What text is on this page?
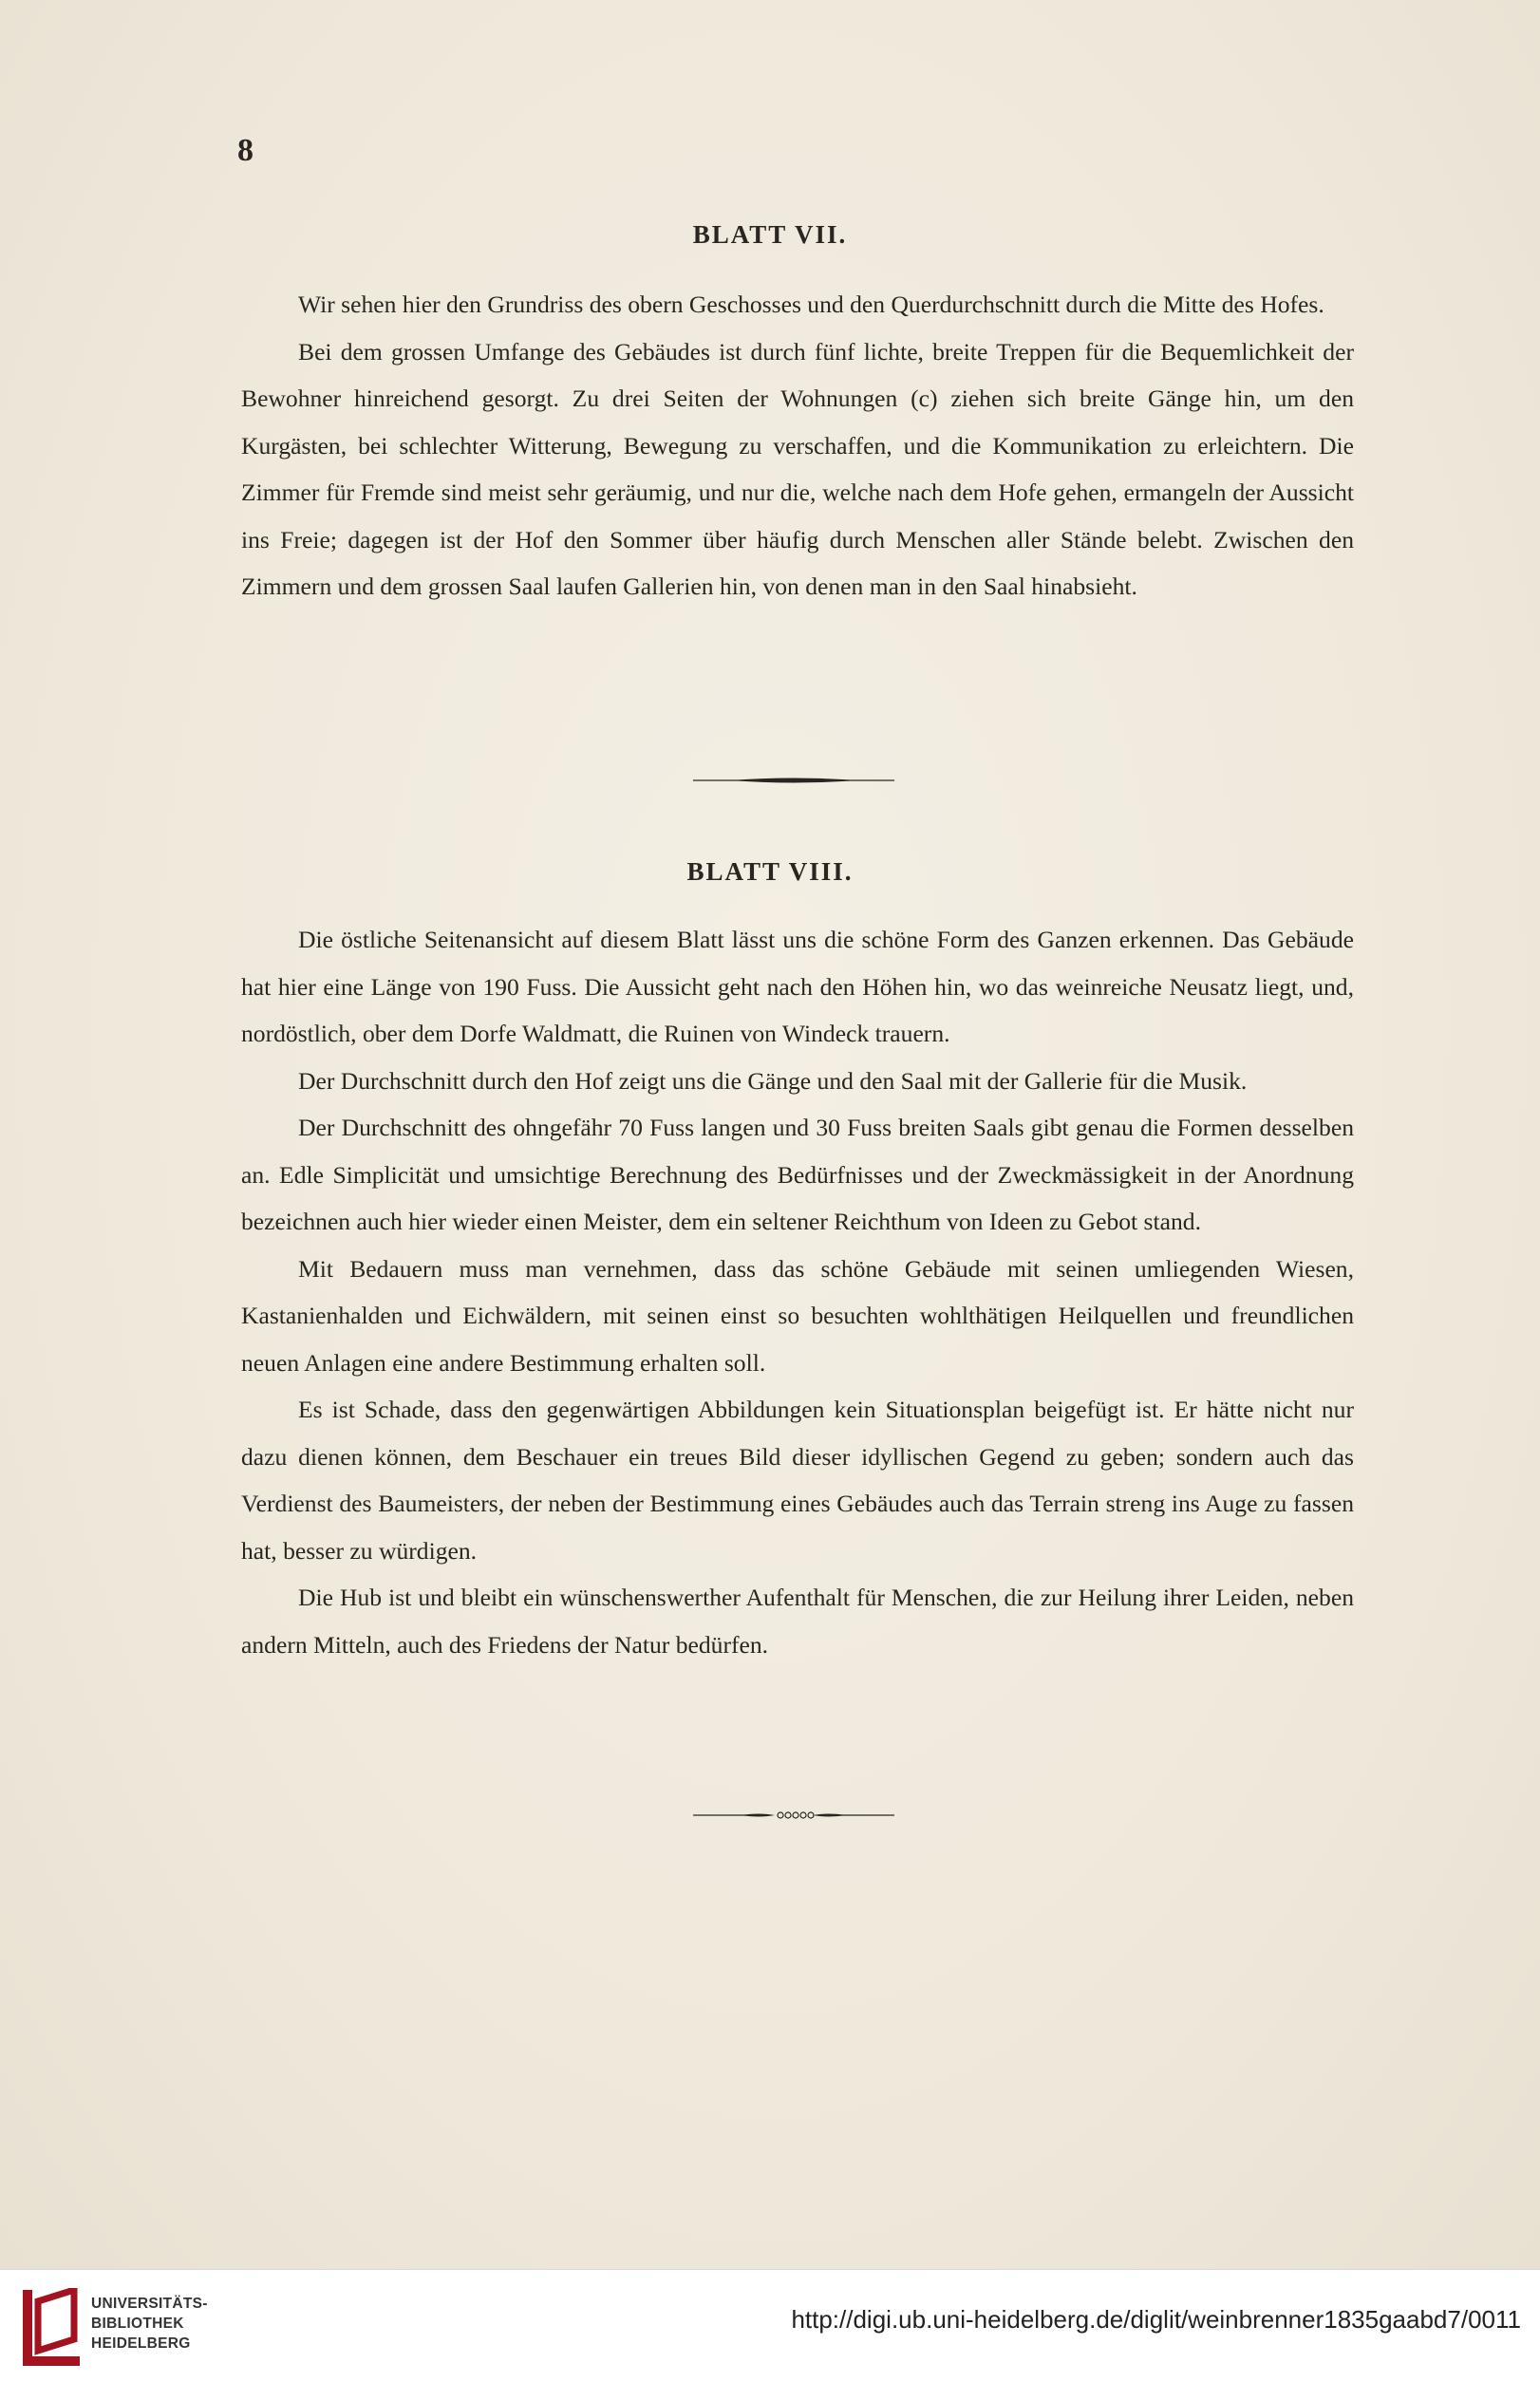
8
BLATT VII.

Wir sehen hier den Grundriss des obern Geschosses und den Querdurchschnitt durch die Mitte des Hofes.

Bei dem grossen Umfange des Gebäudes ist durch fünf lichte, breite Treppen für die Bequemlichkeit der Bewohner hinreichend gesorgt. Zu drei Seiten der Wohnungen (c) ziehen sich breite Gänge hin, um den Kurgästen, bei schlechter Witterung, Bewegung zu verschaffen, und die Kommunikation zu erleichtern. Die Zimmer für Fremde sind meist sehr geräumig, und nur die, welche nach dem Hofe gehen, ermangeln der Aussicht ins Freie; dagegen ist der Hof den Sommer über häufig durch Menschen aller Stände belebt. Zwischen den Zimmern und dem grossen Saal laufen Gallerien hin, von denen man in den Saal hinabsieht.

BLATT VIII.

Die östliche Seitenansicht auf diesem Blatt lässt uns die schöne Form des Ganzen erkennen. Das Gebäude hat hier eine Länge von 190 Fuss. Die Aussicht geht nach den Höhen hin, wo das weinreiche Neusatz liegt, und, nordöstlich, ober dem Dorfe Waldmatt, die Ruinen von Windeck trauern.

Der Durchschnitt durch den Hof zeigt uns die Gänge und den Saal mit der Gallerie für die Musik.

Der Durchschnitt des ohngefähr 70 Fuss langen und 30 Fuss breiten Saals gibt genau die Formen desselben an. Edle Simplicität und umsichtige Berechnung des Bedürfnisses und der Zweckmässigkeit in der Anordnung bezeichnen auch hier wieder einen Meister, dem ein seltener Reichthum von Ideen zu Gebot stand.

Mit Bedauern muss man vernehmen, dass das schöne Gebäude mit seinen umliegenden Wiesen, Kastanienhalden und Eichwäldern, mit seinen einst so besuchten wohlthätigen Heilquellen und freundlichen neuen Anlagen eine andere Bestimmung erhalten soll.

Es ist Schade, dass den gegenwärtigen Abbildungen kein Situationsplan beigefügt ist. Er hätte nicht nur dazu dienen können, dem Beschauer ein treues Bild dieser idyllischen Gegend zu geben; sondern auch das Verdienst des Baumeisters, der neben der Bestimmung eines Gebäudes auch das Terrain streng ins Auge zu fassen hat, besser zu würdigen.

Die Hub ist und bleibt ein wünschenswerther Aufenthalt für Menschen, die zur Heilung ihrer Leiden, neben andern Mitteln, auch des Friedens der Natur bedürfen.

UNIVERSITÄTS-
BIBLIOTHEK
HEIDELBERG
http://digi.ub.uni-heidelberg.de/diglit/weinbrenner1835gaabd7/0011
